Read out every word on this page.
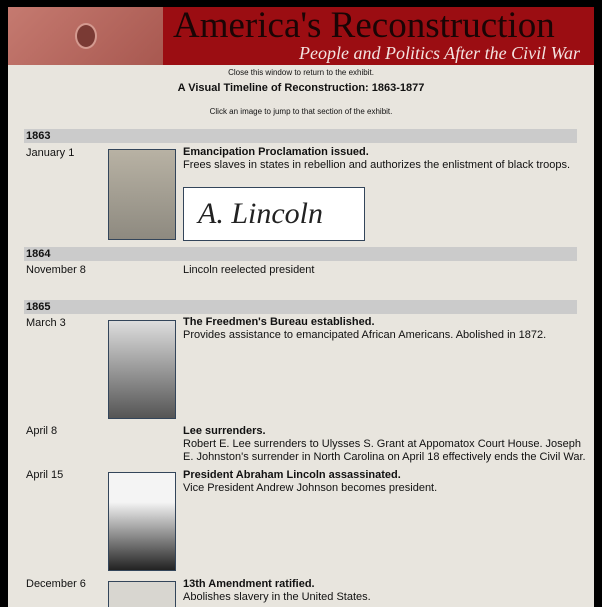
America's Reconstruction
People and Politics After the Civil War
Close this window to return to the exhibit.
A Visual Timeline of Reconstruction: 1863-1877
Click an image to jump to that section of the exhibit.
1863
January 1	Emancipation Proclamation issued.
Frees slaves in states in rebellion and authorizes the enlistment of black troops.
A. Lincoln
1864
November 8	Lincoln reelected president
1865
March 3	The Freedmen's Bureau established.
Provides assistance to emancipated African Americans. Abolished in 1872.
April 8	Lee surrenders.
Robert E. Lee surrenders to Ulysses S. Grant at Appomatox Court House. Joseph E. Johnston's surrender in North Carolina on April 18 effectively ends the Civil War.
April 15	President Abraham Lincoln assassinated.
Vice President Andrew Johnson becomes president.
December 6	13th Amendment ratified.
Abolishes slavery in the United States.
